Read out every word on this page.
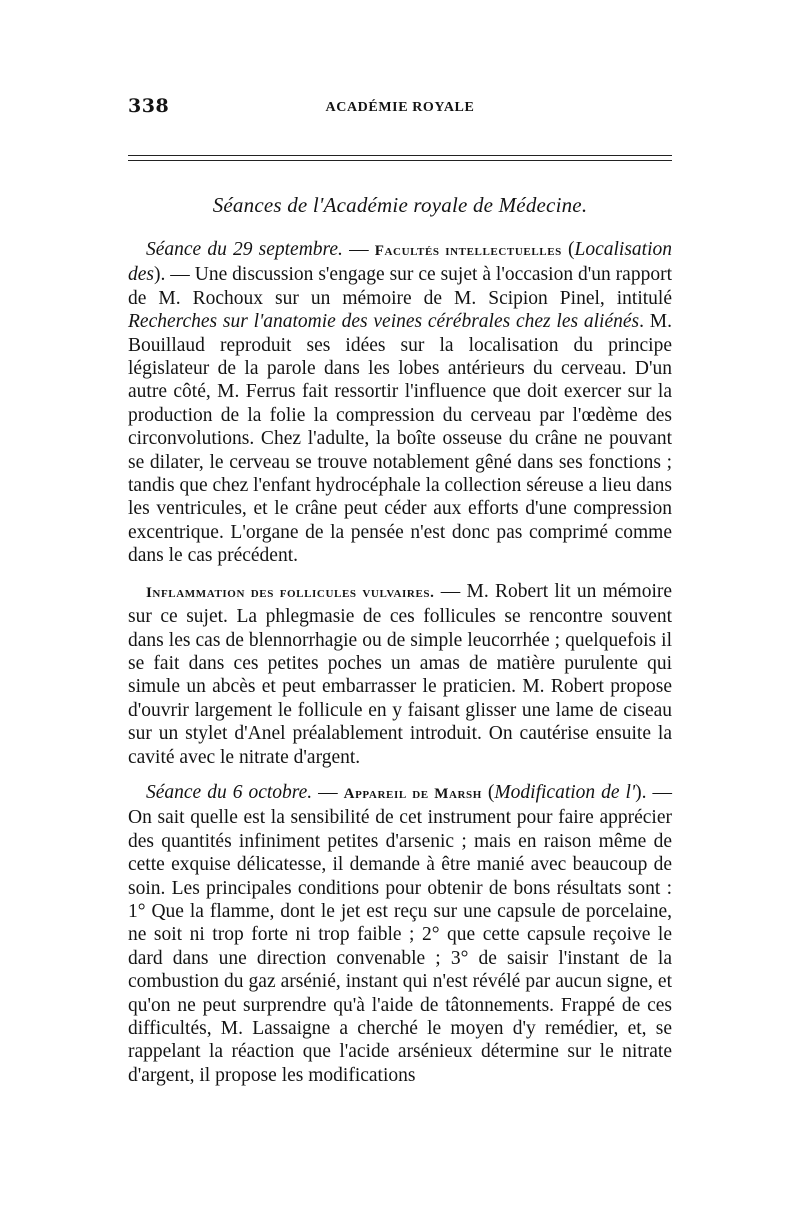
338	ACADÉMIE ROYALE
Séances de l'Académie royale de Médecine.

Séance du 29 septembre. — Facultés intellectuelles (Localisation des). — Une discussion s'engage sur ce sujet à l'occasion d'un rapport de M. Rochoux sur un mémoire de M. Scipion Pinel, intitulé Recherches sur l'anatomie des veines cérébrales chez les aliénés. M. Bouillaud reproduit ses idées sur la localisation du principe législateur de la parole dans les lobes antérieurs du cerveau. D'un autre côté, M. Ferrus fait ressortir l'influence que doit exercer sur la production de la folie la compression du cerveau par l'œdème des circonvolutions. Chez l'adulte, la boîte osseuse du crâne ne pouvant se dilater, le cerveau se trouve notablement gêné dans ses fonctions ; tandis que chez l'enfant hydrocéphale la collection séreuse a lieu dans les ventricules, et le crâne peut céder aux efforts d'une compression excentrique. L'organe de la pensée n'est donc pas comprimé comme dans le cas précédent.

Inflammation des follicules vulvaires. — M. Robert lit un mémoire sur ce sujet. La phlegmasie de ces follicules se rencontre souvent dans les cas de blennorrhagie ou de simple leucorrhée ; quelquefois il se fait dans ces petites poches un amas de matière purulente qui simule un abcès et peut embarrasser le praticien. M. Robert propose d'ouvrir largement le follicule en y faisant glisser une lame de ciseau sur un stylet d'Anel préalablement introduit. On cautérise ensuite la cavité avec le nitrate d'argent.

Séance du 6 octobre. — Appareil de Marsh (Modification de l'). — On sait quelle est la sensibilité de cet instrument pour faire apprécier des quantités infiniment petites d'arsenic ; mais en raison même de cette exquise délicatesse, il demande à être manié avec beaucoup de soin. Les principales conditions pour obtenir de bons résultats sont : 1° Que la flamme, dont le jet est reçu sur une capsule de porcelaine, ne soit ni trop forte ni trop faible ; 2° que cette capsule reçoive le dard dans une direction convenable ; 3° de saisir l'instant de la combustion du gaz arsénié, instant qui n'est révélé par aucun signe, et qu'on ne peut surprendre qu'à l'aide de tâtonnements. Frappé de ces difficultés, M. Lassaigne a cherché le moyen d'y remédier, et, se rappelant la réaction que l'acide arsénieux détermine sur le nitrate d'argent, il propose les modifications
